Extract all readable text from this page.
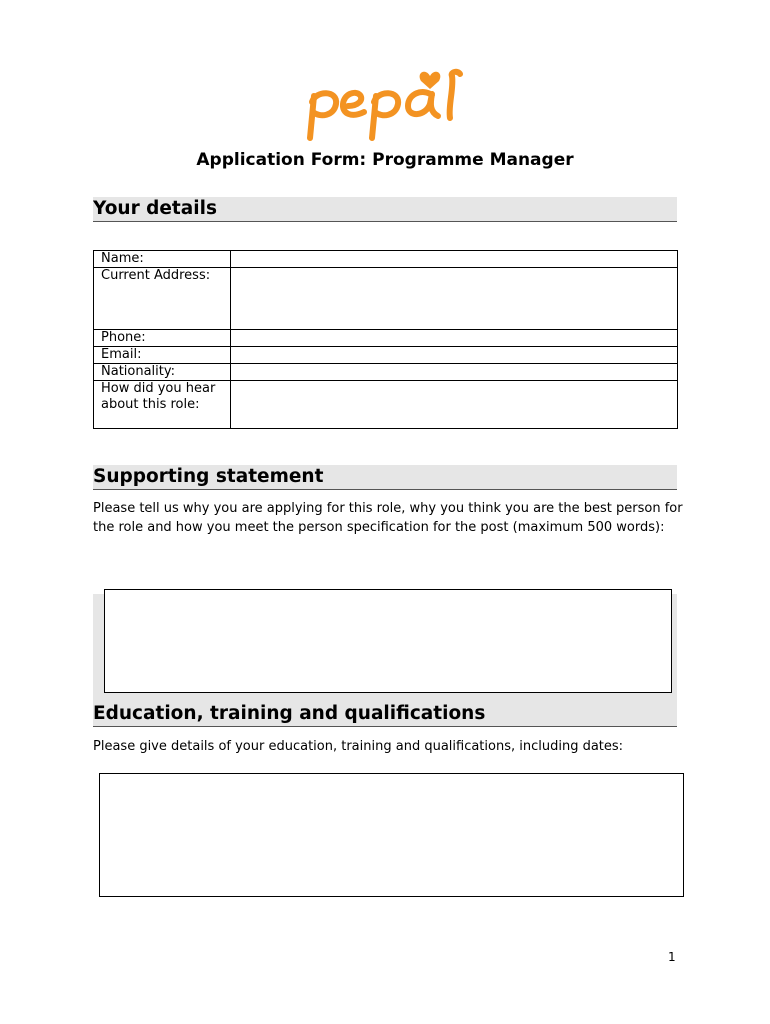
Application Form: Programme Manager
Your details
Name:	
Current Address:	
Phone:	
Email:	
Nationality:	
How did you hear about this role:	
Supporting statement

Please tell us why you are applying for this role, why you think you are the best person for the role and how you meet the person specification for the post (maximum 500 words):

Education, training and qualifications

Please give details of your education, training and qualifications, including dates:

1
